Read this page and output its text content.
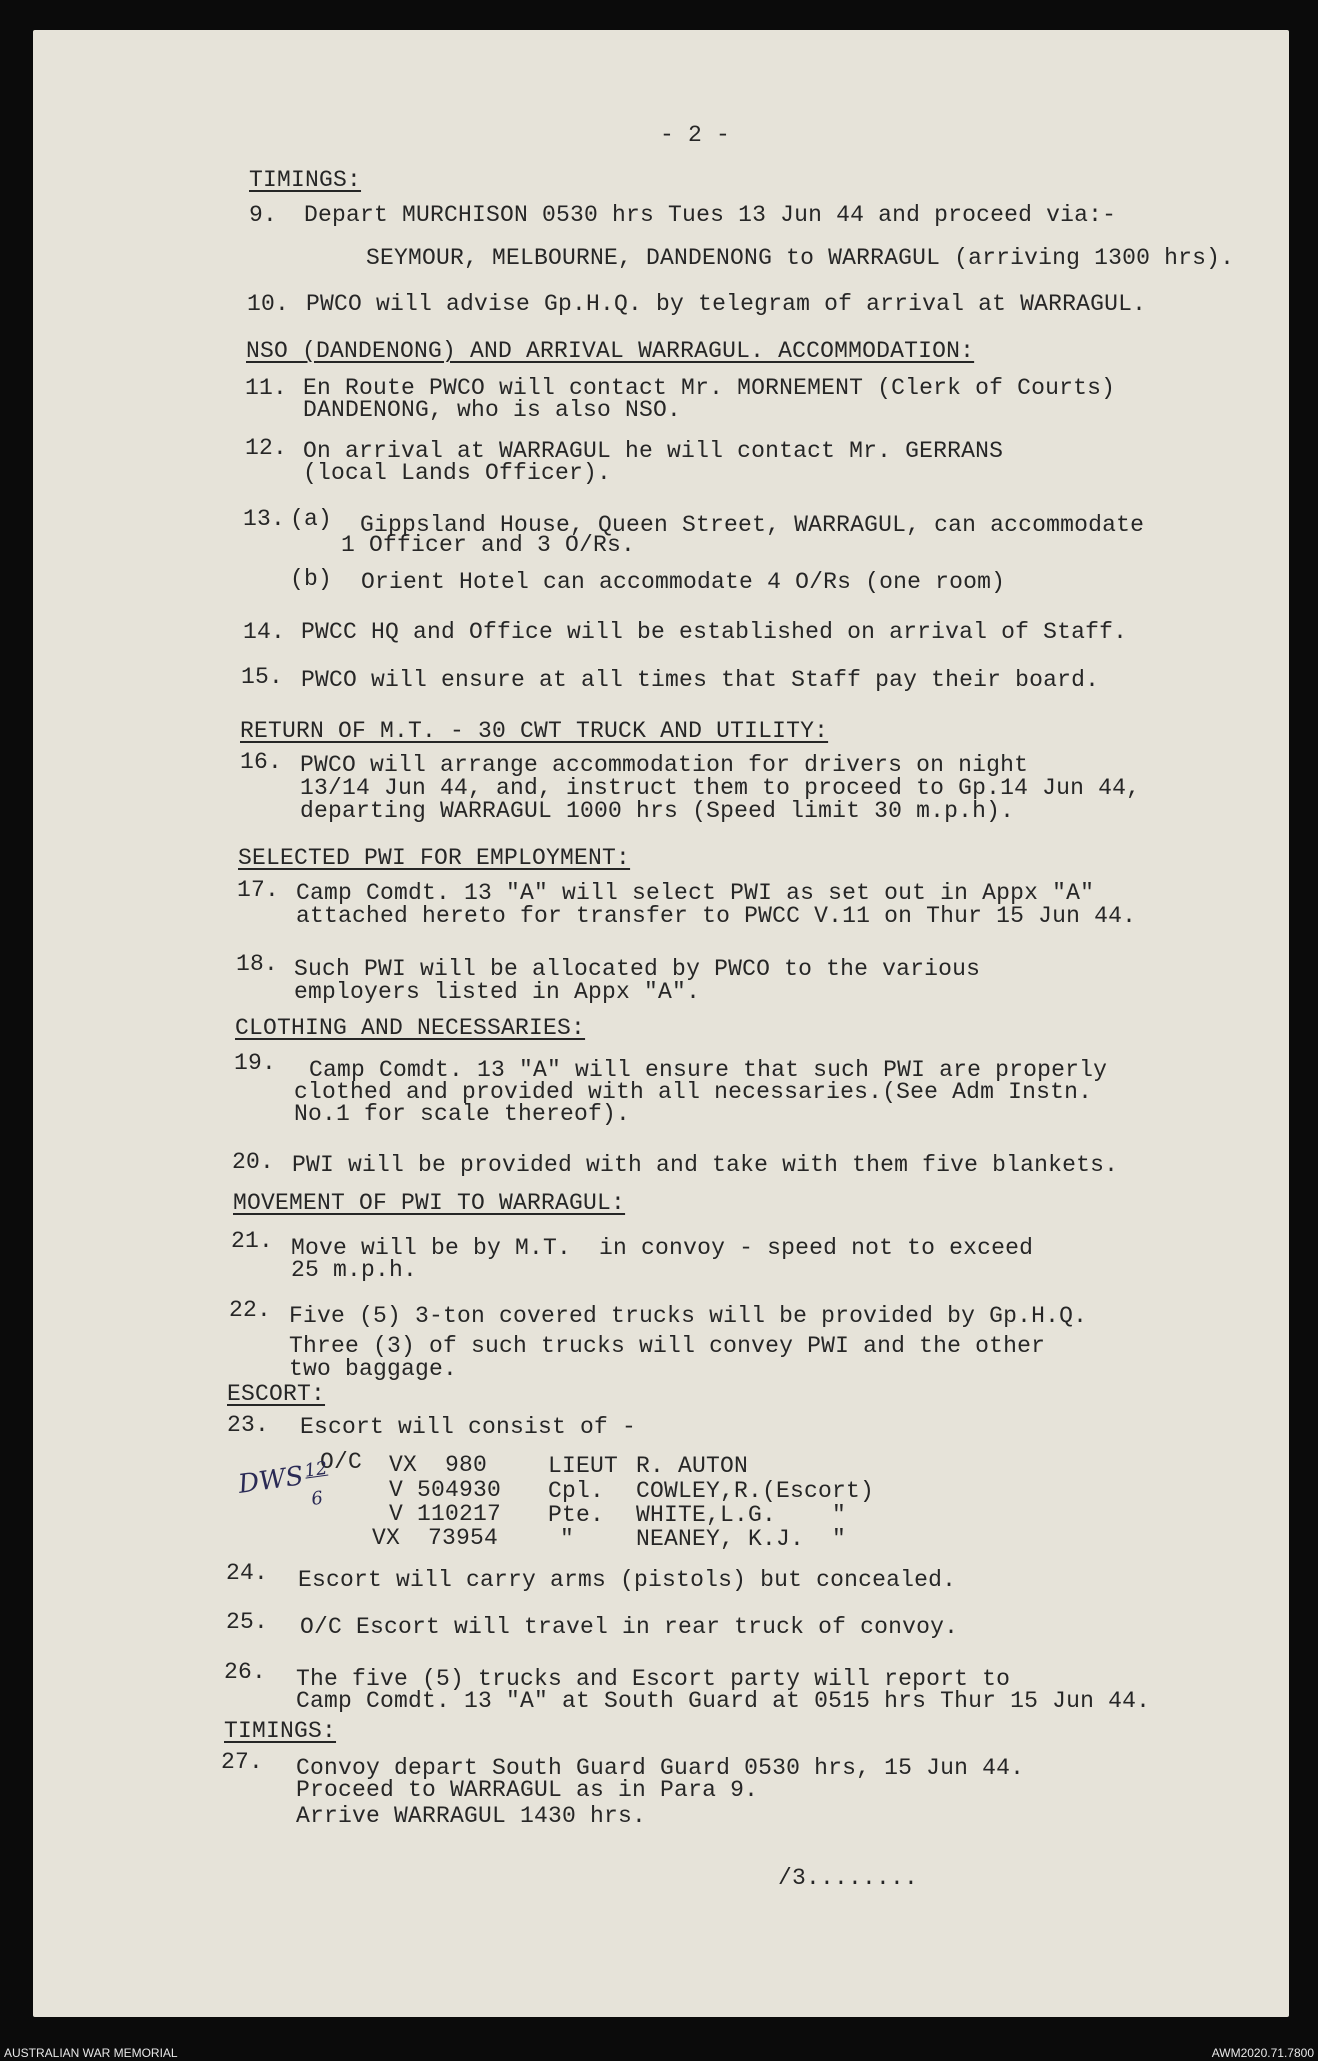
- 2 -
TIMINGS:
9. Depart MURCHISON 0530 hrs Tues 13 Jun 44 and proceed via:-
SEYMOUR, MELBOURNE, DANDENONG to WARRAGUL (arriving 1300 hrs).
10. PWCO will advise Gp.H.Q. by telegram of arrival at WARRAGUL.
NSO (DANDENONG) AND ARRIVAL WARRAGUL. ACCOMMODATION:
11. En Route PWCO will contact Mr. MORNEMENT (Clerk of Courts)
DANDENONG, who is also NSO.
12. On arrival at WARRAGUL he will contact Mr. GERRANS
(local Lands Officer).
13. (a) Gippsland House, Queen Street, WARRAGUL, can accommodate
1 Officer and 3 O/Rs.
(b) Orient Hotel can accommodate 4 O/Rs (one room)
14. PWCC HQ and Office will be established on arrival of Staff.
15. PWCO will ensure at all times that Staff pay their board.
RETURN OF M.T. - 30 CWT TRUCK AND UTILITY:
16. PWCO will arrange accommodation for drivers on night
13/14 Jun 44, and, instruct them to proceed to Gp.14 Jun 44,
departing WARRAGUL 1000 hrs (Speed limit 30 m.p.h).
SELECTED PWI FOR EMPLOYMENT:
17. Camp Comdt. 13 "A" will select PWI as set out in Appx "A"
attached hereto for transfer to PWCC V.11 on Thur 15 Jun 44.
18. Such PWI will be allocated by PWCO to the various
employers listed in Appx "A".
CLOTHING AND NECESSARIES:
19. Camp Comdt. 13 "A" will ensure that such PWI are properly
clothed and provided with all necessaries.(See Adm Instn.
No.1 for scale thereof).
20. PWI will be provided with and take with them five blankets.
MOVEMENT OF PWI TO WARRAGUL:
21. Move will be by M.T.  in convoy - speed not to exceed
25 m.p.h.
22. Five (5) 3-ton covered trucks will be provided by Gp.H.Q.
Three (3) of such trucks will convey PWI and the other
two baggage.
ESCORT:
23. Escort will consist of -
O/C VX  980	LIEUT R. AUTON
V 504930 Cpl. COWLEY,R.(Escort)
V 110217 Pte. WHITE,L.G.    "
VX  73954	"	NEANEY, K.J.  "
DWS126
24. Escort will carry arms (pistols) but concealed.
25. O/C Escort will travel in rear truck of convoy.
26. The five (5) trucks and Escort party will report to
Camp Comdt. 13 "A" at South Guard at 0515 hrs Thur 15 Jun 44.
TIMINGS:
27. Convoy depart South Guard Guard 0530 hrs, 15 Jun 44.
Proceed to WARRAGUL as in Para 9.
Arrive WARRAGUL 1430 hrs.
/3........
AUSTRALIAN WAR MEMORIAL	AWM2020.71.7800
